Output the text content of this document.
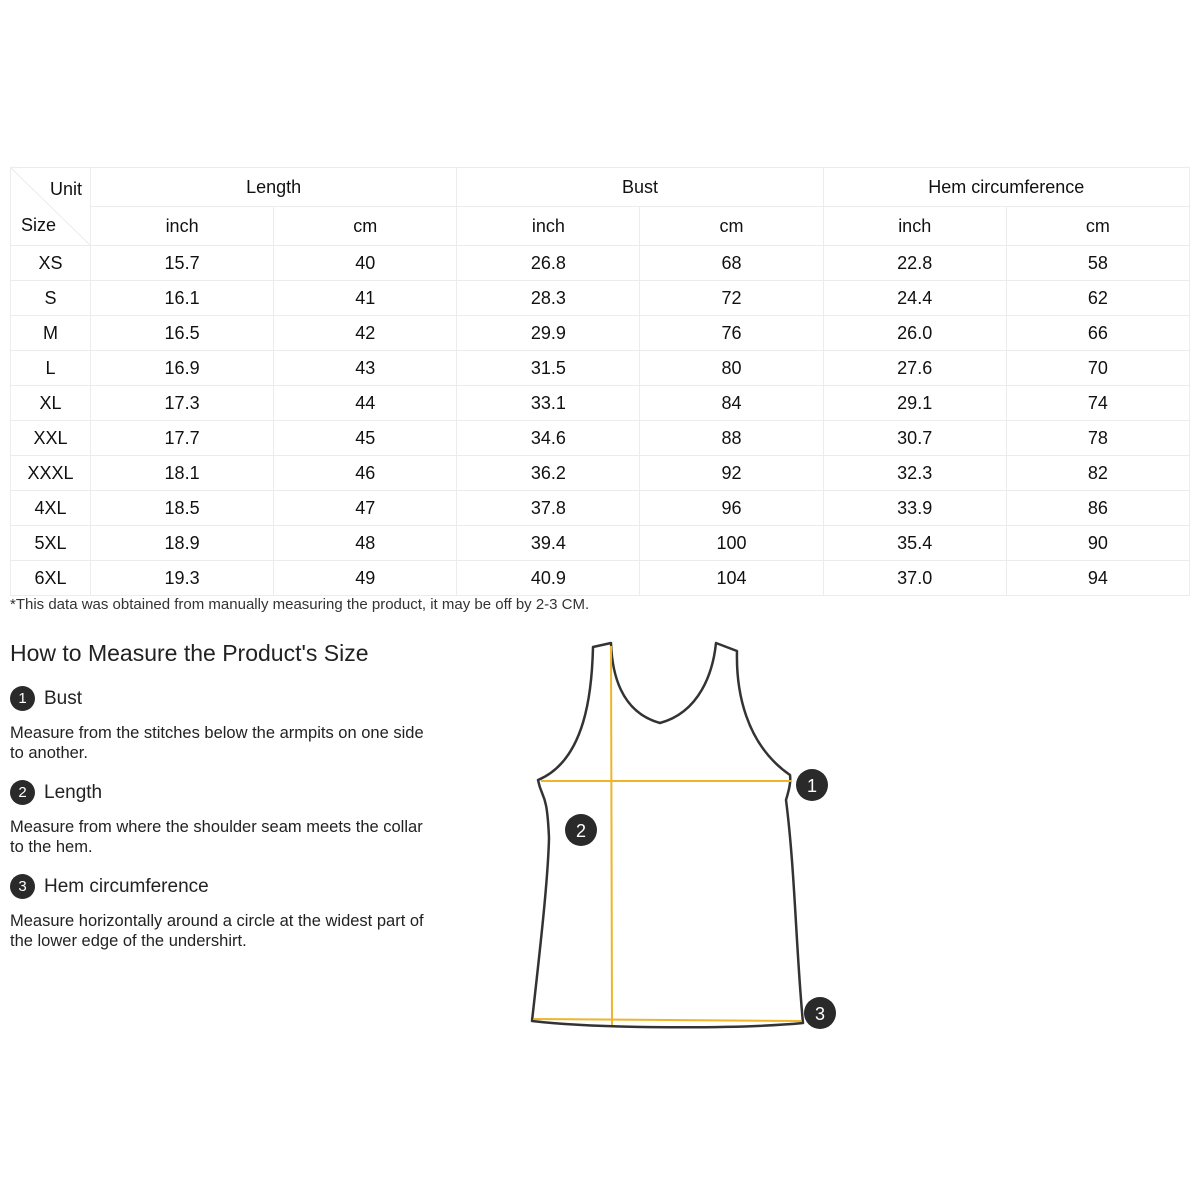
Unit
Size	Length		Bust		Hem circumference	
	inch	cm	inch	cm	inch	cm
XS	15.7	40	26.8	68	22.8	58
S	16.1	41	28.3	72	24.4	62
M	16.5	42	29.9	76	26.0	66
L	16.9	43	31.5	80	27.6	70
XL	17.3	44	33.1	84	29.1	74
XXL	17.7	45	34.6	88	30.7	78
XXXL	18.1	46	36.2	92	32.3	82
4XL	18.5	47	37.8	96	33.9	86
5XL	18.9	48	39.4	100	35.4	90
6XL	19.3	49	40.9	104	37.0	94
*This data was obtained from manually measuring the product, it may be off by 2-3 CM.
How to Measure the Product's Size
1 Bust
Measure from the stitches below the armpits on one side to another.
2 Length
Measure from where the shoulder seam meets the collar to the hem.
3 Hem circumference
Measure horizontally around a circle at the widest part of the lower edge of the undershirt.
1
2
3
